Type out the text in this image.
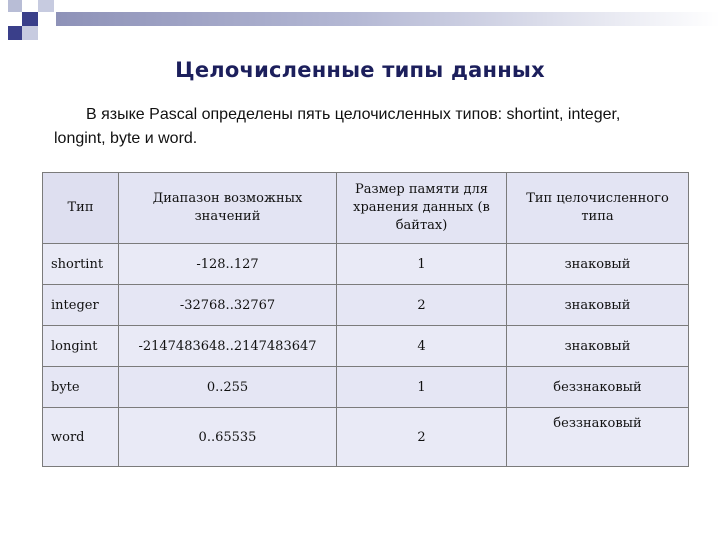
Целочисленные типы данных
В языке Pascal определены пять целочисленных типов: shortint, integer, longint, byte и word.
Тип	Диапазон возможных значений	Размер памяти для хранения данных (в байтах)	Тип целочисленного типа
shortint	-128..127	1	знаковый
integer	-32768..32767	2	знаковый
longint	-2147483648..2147483647	4	знаковый
byte	0..255	1	беззнаковый
word	0..65535	2	беззнаковый
